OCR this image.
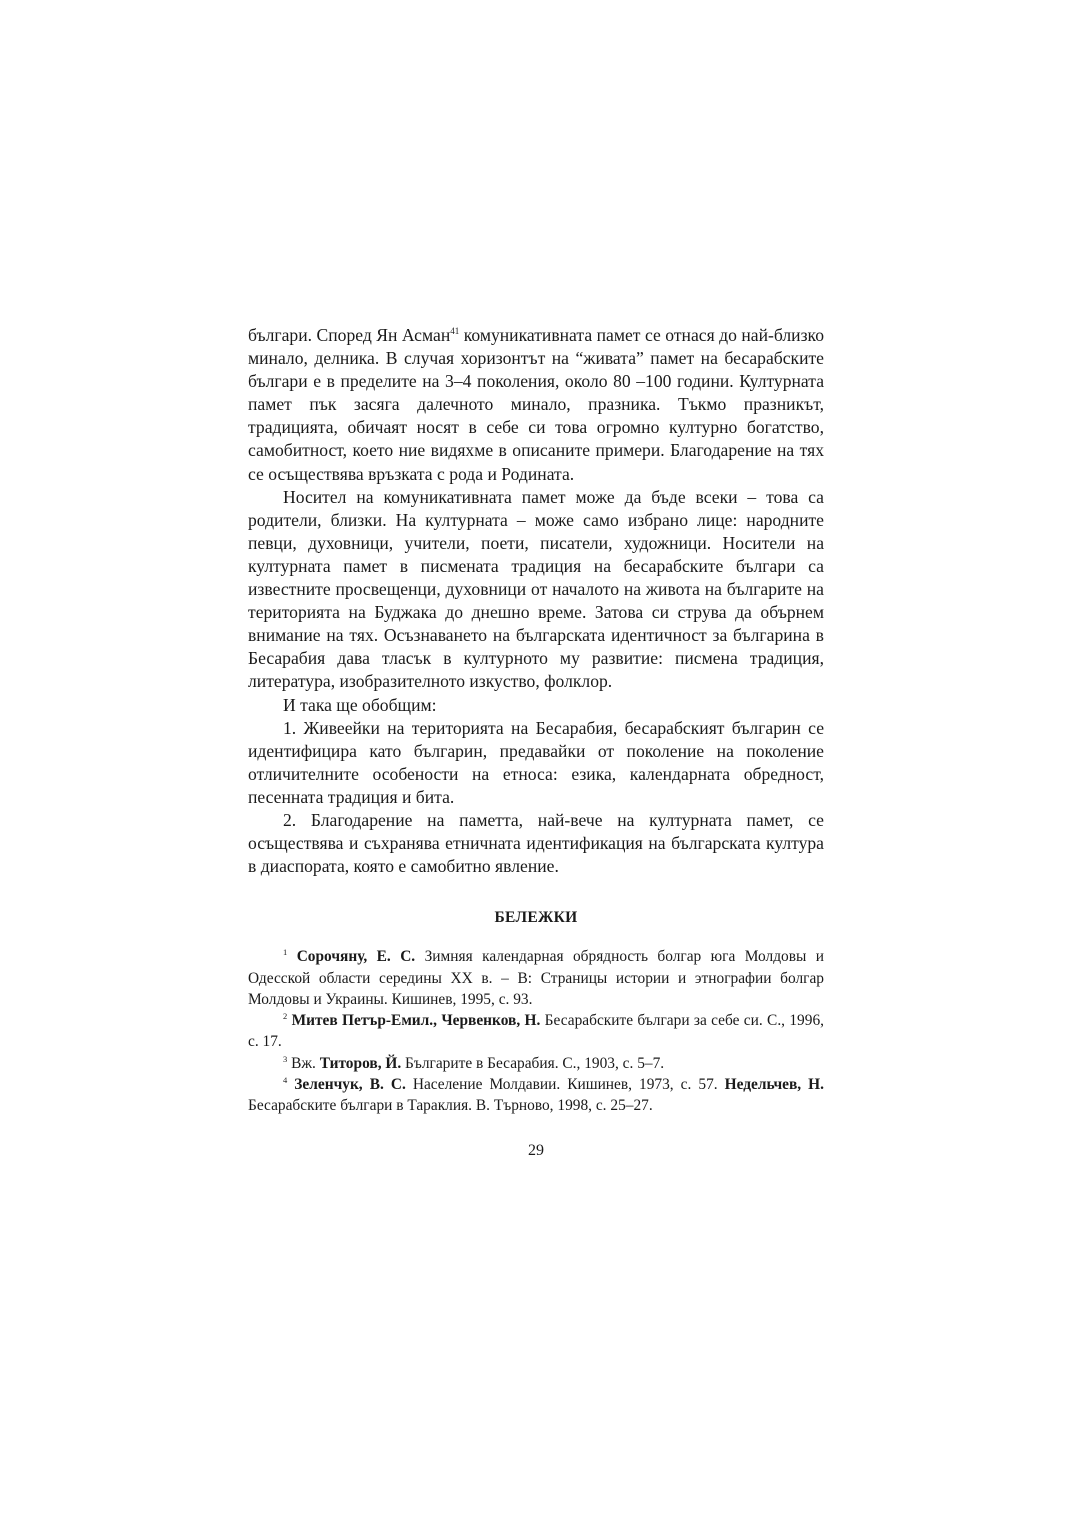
българи. Според Ян Асман$^{41}$ комуникативната памет се отнася до най-близко минало, делника. В случая хоризонтът на “живата” памет на бесарабските българи е в пределите на 3–4 поколения, около 80 –100 години. Културната памет пък засяга далечното минало, празника. Тъкмо празникът, традицията, обичаят носят в себе си това огромно културно богатство, самобитност, което ние видяхме в описаните примери. Благодарение на тях се осъществява връзката с рода и Родината.

Носител на комуникативната памет може да бъде всеки – това са родители, близки. На културната – може само избрано лице: народните певци, духовници, учители, поети, писатели, художници. Носители на културната памет в писмената традиция на бесарабските българи са известните просвещенци, духовници от началото на живота на българите на територията на Буджака до днешно време. Затова си струва да обърнем внимание на тях. Осъзнаването на българската идентичност за българина в Бесарабия дава тласък в културното му развитие: писмена традиция, литература, изобразителното изкуство, фолклор.

И така ще обобщим:

1. Живеейки на територията на Бесарабия, бесарабският българин се идентифицира като българин, предавайки от поколение на поколение отличителните особености на етноса: езика, календарната обредност, песенната традиция и бита.

2. Благодарение на паметта, най-вече на културната памет, се осъществява и съхранява етничната идентификация на българската култура в диаспората, която е самобитно явление.

БЕЛЕЖКИ

$^1$ Сорочяну, Е. С. Зимняя календарная обрядность болгар юга Молдовы и Одесской области середины XX в. – В: Страницы истории и этнографии болгар Молдовы и Украины. Кишинев, 1995, с. 93.

$^2$ Митев Петър-Емил., Червенков, Н. Бесарабските българи за себе си. С., 1996, с. 17.

$^3$ Вж. Титоров, Й. Българите в Бесарабия. С., 1903, с. 5–7.

$^4$ Зеленчук, В. С. Население Молдавии. Кишинев, 1973, с. 57. Недельчев, Н. Бесарабските българи в Тараклия. В. Търново, 1998, с. 25–27.

29
